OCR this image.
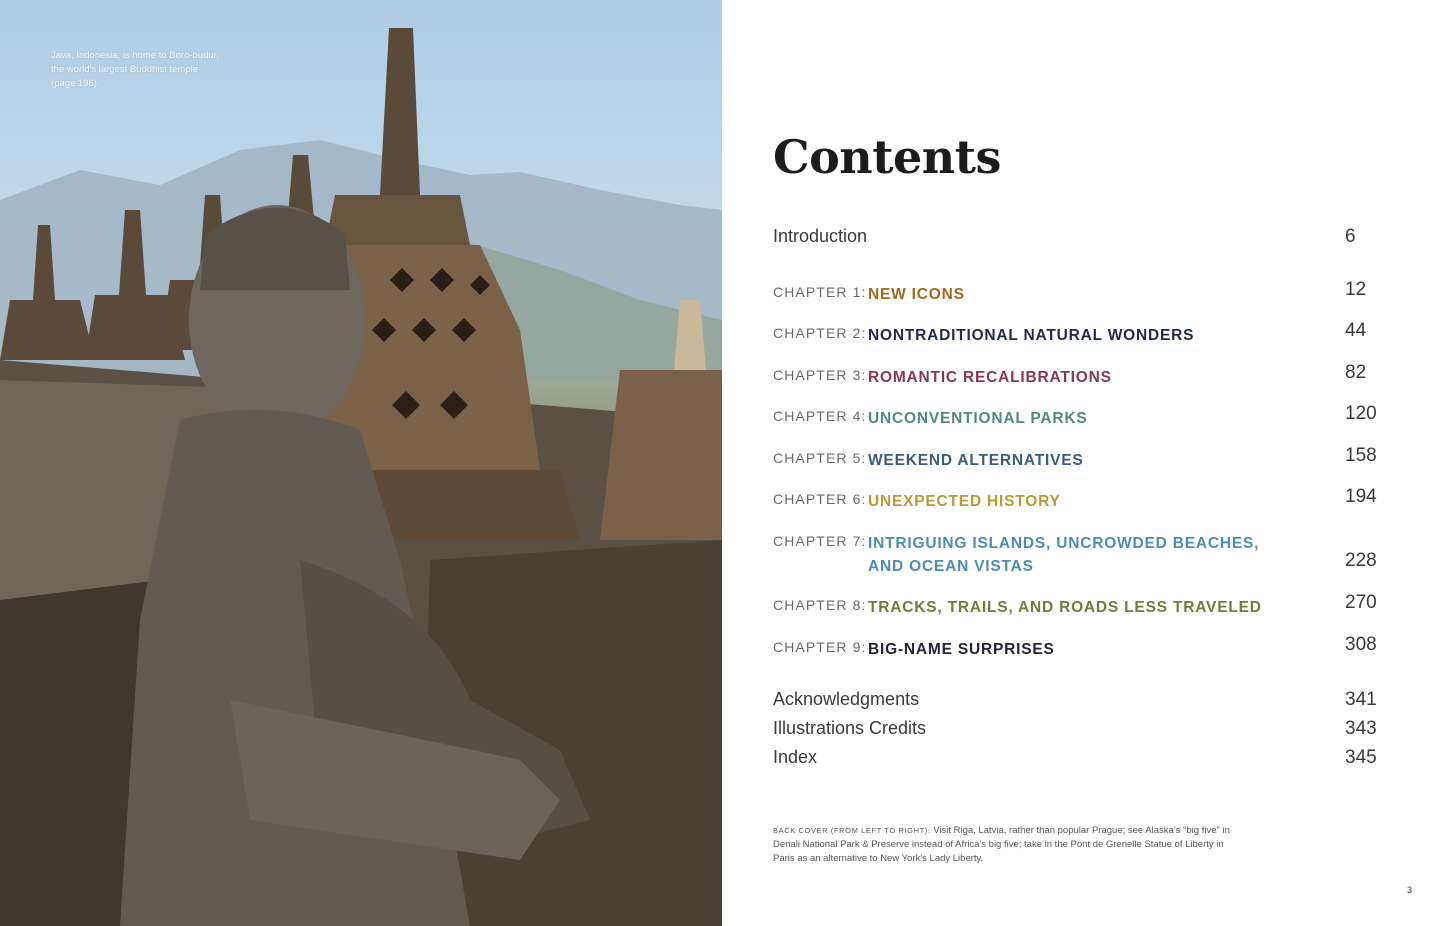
Java, Indonesia, is home to Boro-budur, the world's largest Buddhist temple (page 196).
Contents
Introduction	6
CHAPTER 1: NEW ICONS	12
CHAPTER 2: NONTRADITIONAL NATURAL WONDERS	44
CHAPTER 3: ROMANTIC RECALIBRATIONS	82
CHAPTER 4: UNCONVENTIONAL PARKS	120
CHAPTER 5: WEEKEND ALTERNATIVES	158
CHAPTER 6: UNEXPECTED HISTORY	194
CHAPTER 7: INTRIGUING ISLANDS, UNCROWDED BEACHES, AND OCEAN VISTAS	228
CHAPTER 8: TRACKS, TRAILS, AND ROADS LESS TRAVELED	270
CHAPTER 9: BIG-NAME SURPRISES	308
Acknowledgments	341
Illustrations Credits	343
Index	345
BACK COVER (FROM LEFT TO RIGHT): Visit Riga, Latvia, rather than popular Prague; see Alaska's "big five" in Denali National Park & Preserve instead of Africa's big five; take in the Pont de Grenelle Statue of Liberty in Paris as an alternative to New York's Lady Liberty.
3
